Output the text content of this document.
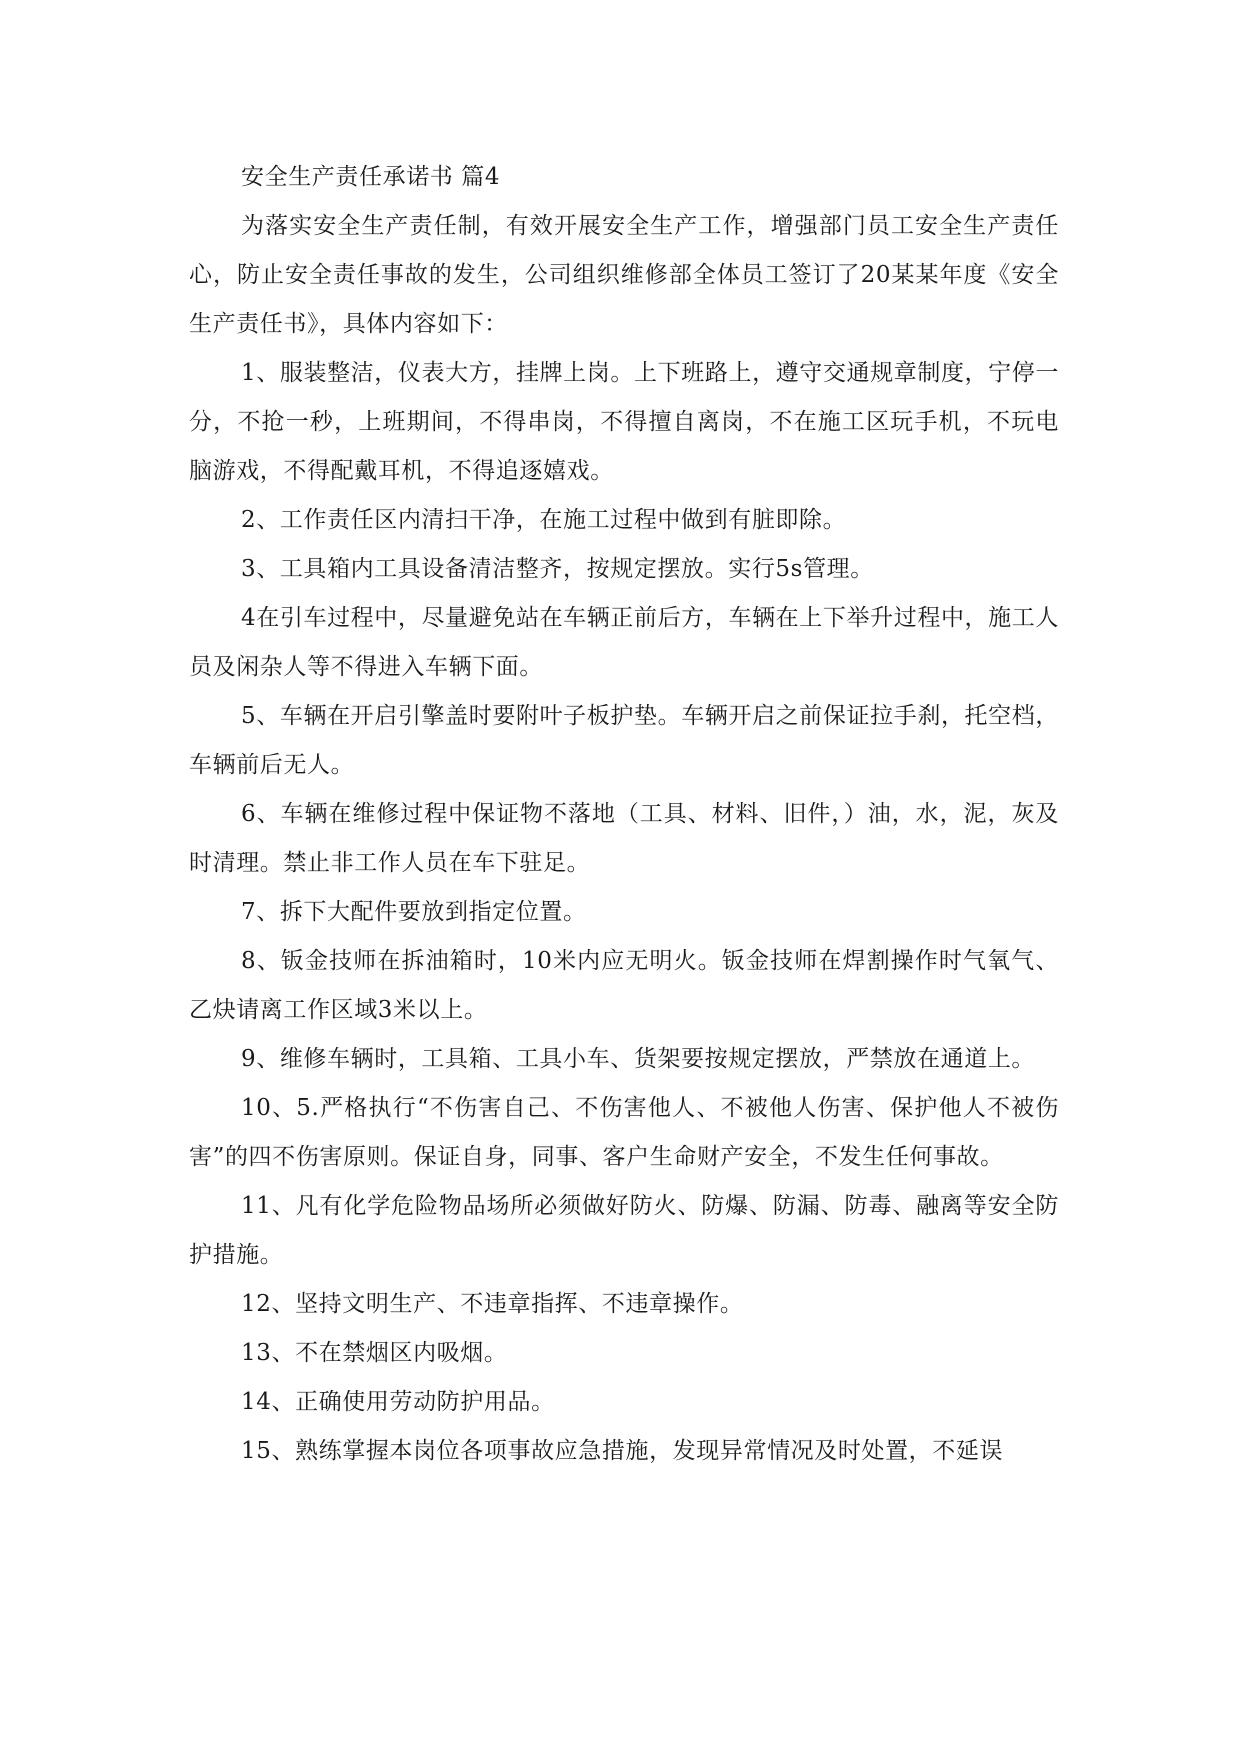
安全生产责任承诺书 篇4

为落实安全生产责任制，有效开展安全生产工作，增强部门员工安全生产责任心，防止安全责任事故的发生，公司组织维修部全体员工签订了20某某年度《安全生产责任书》，具体内容如下：

1、服装整洁，仪表大方，挂牌上岗。上下班路上，遵守交通规章制度，宁停一分，不抢一秒，上班期间，不得串岗，不得擅自离岗，不在施工区玩手机，不玩电脑游戏，不得配戴耳机，不得追逐嬉戏。

2、工作责任区内清扫干净，在施工过程中做到有脏即除。

3、工具箱内工具设备清洁整齐，按规定摆放。实行5s管理。

4在引车过程中，尽量避免站在车辆正前后方，车辆在上下举升过程中，施工人员及闲杂人等不得进入车辆下面。

5、车辆在开启引擎盖时要附叶子板护垫。车辆开启之前保证拉手刹，托空档，车辆前后无人。

6、车辆在维修过程中保证物不落地（工具、材料、旧件，）油，水，泥，灰及时清理。禁止非工作人员在车下驻足。

7、拆下大配件要放到指定位置。

8、钣金技师在拆油箱时，10米内应无明火。钣金技师在焊割操作时气氧气、乙炔请离工作区域3米以上。

9、维修车辆时，工具箱、工具小车、货架要按规定摆放，严禁放在通道上。

10、5.严格执行“不伤害自己、不伤害他人、不被他人伤害、保护他人不被伤害”的四不伤害原则。保证自身，同事、客户生命财产安全，不发生任何事故。

11、凡有化学危险物品场所必须做好防火、防爆、防漏、防毒、融离等安全防护措施。

12、坚持文明生产、不违章指挥、不违章操作。

13、不在禁烟区内吸烟。

14、正确使用劳动防护用品。

15、熟练掌握本岗位各项事故应急措施，发现异常情况及时处置，不延误
